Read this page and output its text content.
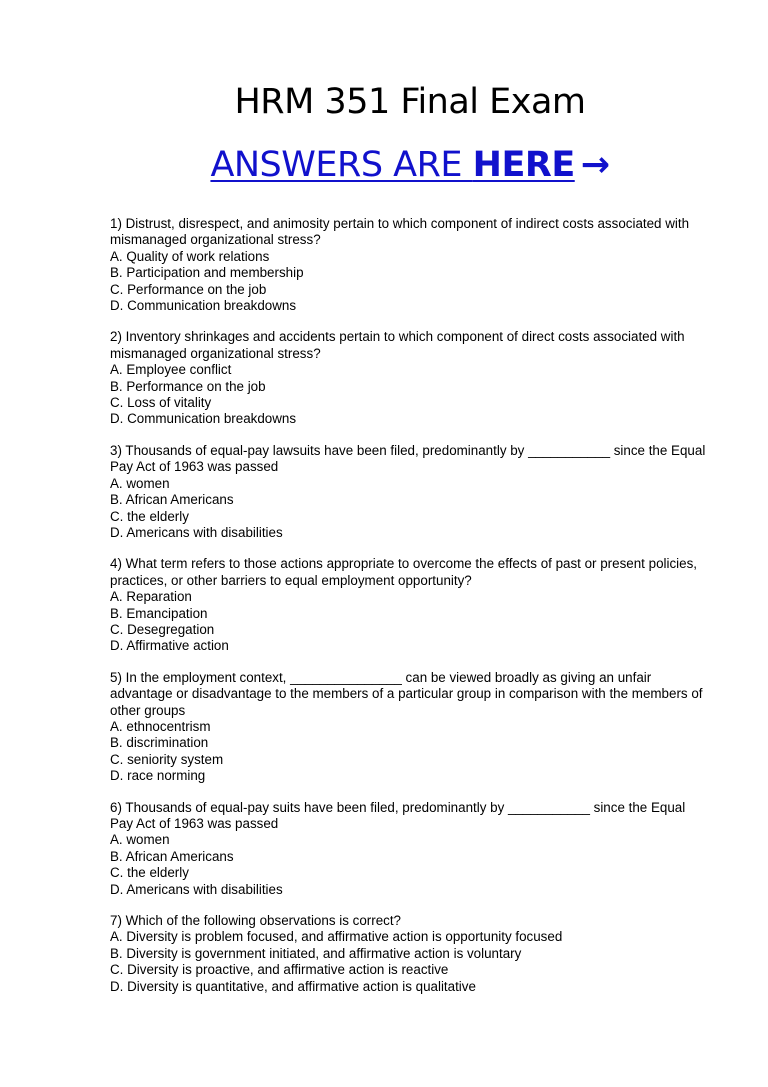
HRM 351 Final Exam
ANSWERS ARE HERE →
1) Distrust, disrespect, and animosity pertain to which component of indirect costs associated with mismanaged organizational stress?
A. Quality of work relations
B. Participation and membership
C. Performance on the job
D. Communication breakdowns
2) Inventory shrinkages and accidents pertain to which component of direct costs associated with mismanaged organizational stress?
A. Employee conflict
B. Performance on the job
C. Loss of vitality
D. Communication breakdowns
3) Thousands of equal-pay lawsuits have been filed, predominantly by ___________ since the Equal Pay Act of 1963 was passed
A. women
B. African Americans
C. the elderly
D. Americans with disabilities
4) What term refers to those actions appropriate to overcome the effects of past or present policies, practices, or other barriers to equal employment opportunity?
A. Reparation
B. Emancipation
C. Desegregation
D. Affirmative action
5) In the employment context, _______________ can be viewed broadly as giving an unfair advantage or disadvantage to the members of a particular group in comparison with the members of other groups
A. ethnocentrism
B. discrimination
C. seniority system
D. race norming
6) Thousands of equal-pay suits have been filed, predominantly by ___________ since the Equal Pay Act of 1963 was passed
A. women
B. African Americans
C. the elderly
D. Americans with disabilities
7) Which of the following observations is correct?
A. Diversity is problem focused, and affirmative action is opportunity focused
B. Diversity is government initiated, and affirmative action is voluntary
C. Diversity is proactive, and affirmative action is reactive
D. Diversity is quantitative, and affirmative action is qualitative
